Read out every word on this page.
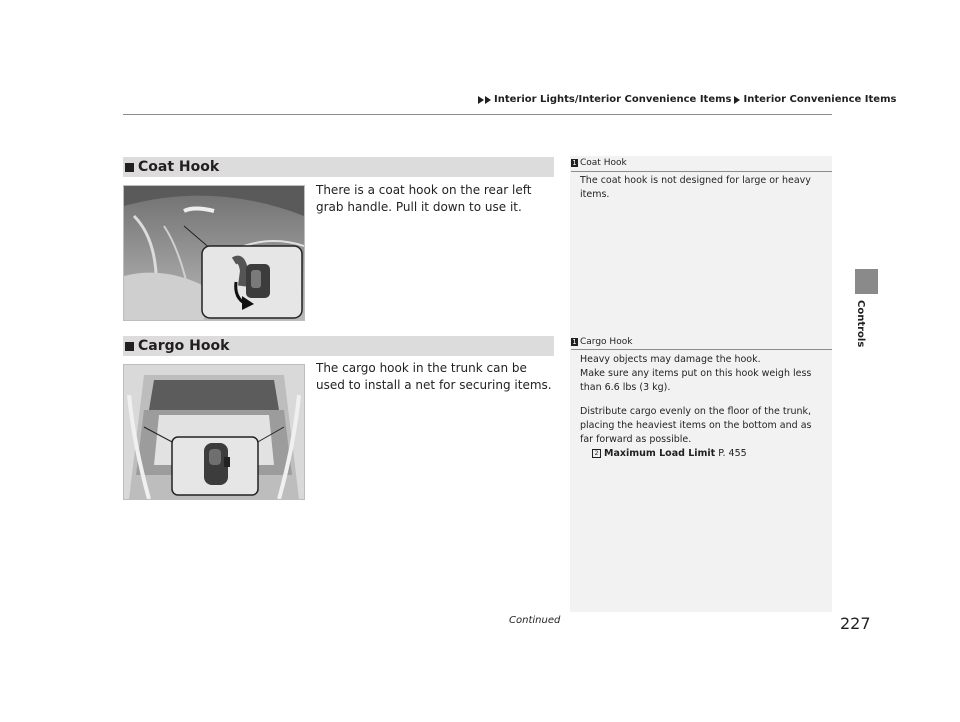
Interior Lights/Interior Convenience Items Interior Convenience Items
Controls
Coat Hook
There is a coat hook on the rear left grab handle. Pull it down to use it.
Cargo Hook
The cargo hook in the trunk can be used to install a net for securing items.
1 Coat Hook
The coat hook is not designed for large or heavy items.
1 Cargo Hook
Heavy objects may damage the hook.
Make sure any items put on this hook weigh less than 6.6 lbs (3 kg).
Distribute cargo evenly on the floor of the trunk, placing the heaviest items on the bottom and as far forward as possible.
2 Maximum Load Limit P. 455
Continued	227
